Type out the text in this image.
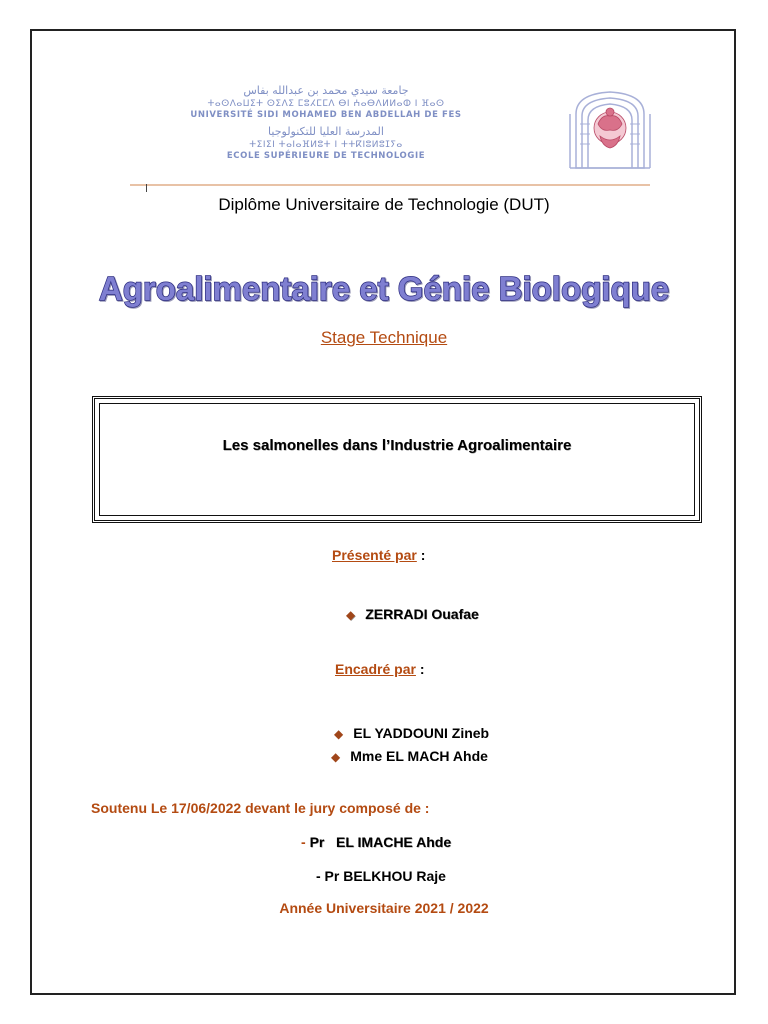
جامعة سيدي محمد بن عبدالله بفاس
ⵜⴰⵙⴷⴰⵡⵉⵜ ⵙⵉⴷⵉ ⵎⵓⵃⵎⵎⴷ ⴱⵏ ⵄⴰⴱⴷⵍⵍⴰⵀ ⵏ ⴼⴰⵙ
UNIVERSITÉ SIDI MOHAMED BEN ABDELLAH DE FES
المدرسة العليا للتكنولوجيا
ⵜⵉⵏⵉⵏ ⵜⴰⵏⴰⴼⵍⵓⵜ ⵏ ⵜⵜⴽⵏⵓⵍⵓⵊⵢⴰ
ECOLE SUPÉRIEURE DE TECHNOLOGIE
Diplôme Universitaire de Technologie (DUT)
Agroalimentaire et Génie Biologique
Stage Technique
Les salmonelles dans l’Industrie Agroalimentaire
Présenté par :
◆ ZERRADI Ouafae
Encadré par :
◆ EL YADDOUNI Zineb
◆ Mme EL MACH Ahde
Soutenu Le 17/06/2022 devant le jury composé de :
- Pr   EL IMACHE Ahde
- Pr BELKHOU Raje
Année Universitaire 2021 / 2022
